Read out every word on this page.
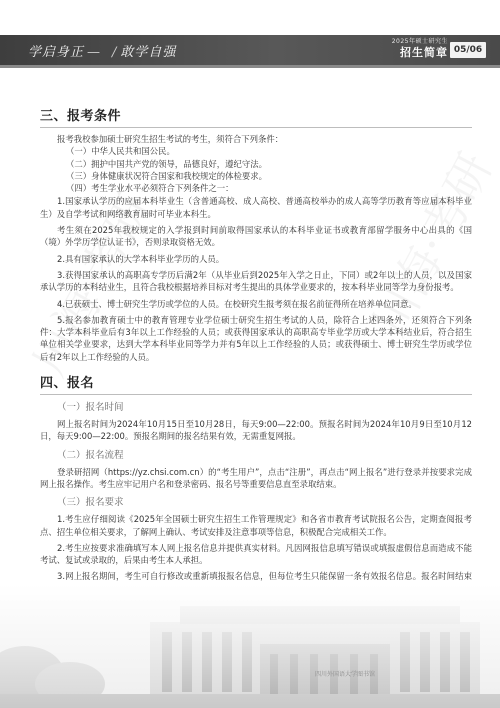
学启身正 — / 敢学自强
2025年硕士研究生
招生简章 05/06
三、报考条件
报考我校参加硕士研究生招生考试的考生，须符合下列条件：
（一）中华人民共和国公民。
（二）拥护中国共产党的领导，品德良好，遵纪守法。
（三）身体健康状况符合国家和我校规定的体检要求。
（四）考生学业水平必须符合下列条件之一：
1.国家承认学历的应届本科毕业生（含普通高校、成人高校、普通高校举办的成人高等学历教育等应届本科毕业生）及自学考试和网络教育届时可毕业本科生。
考生须在2025年我校规定的入学报到时间前取得国家承认的本科毕业证书或教育部留学服务中心出具的《国（境）外学历学位认证书》，否则录取资格无效。
2.具有国家承认的大学本科毕业学历的人员。
3.获得国家承认的高职高专学历后满2年（从毕业后到2025年入学之日止，下同）或2年以上的人员，以及国家承认学历的本科结业生，且符合我校根据培养目标对考生提出的具体学业要求的，按本科毕业同等学力身份报考。
4.已获硕士、博士研究生学历或学位的人员。在校研究生报考须在报名前征得所在培养单位同意。
5.报名参加教育硕士中的教育管理专业学位硕士研究生招生考试的人员，除符合上述四条外，还须符合下列条件：大学本科毕业后有3年以上工作经验的人员；或获得国家承认的高职高专毕业学历或大学本科结业后，符合招生单位相关学业要求，达到大学本科毕业同等学力并有5年以上工作经验的人员；或获得硕士、博士研究生学历或学位后有2年以上工作经验的人员。
四、报名
（一）报名时间
网上报名时间为2024年10月15日至10月28日，每天9:00—22:00。预报名时间为2024年10月9日至10月12日，每天9:00—22:00。预报名期间的报名结果有效，无需重复网报。
（二）报名流程
登录研招网（https://yz.chsi.com.cn）的“考生用户”，点击“注册”，再点击“网上报名”进行登录并按要求完成网上报名操作。考生应牢记用户名和登录密码、报名号等重要信息直至录取结束。
（三）报名要求
1.考生应仔细阅读《2025年全国硕士研究生招生工作管理规定》和各省市教育考试院报名公告，定期查阅报考点、招生单位相关要求，了解网上确认、考试安排及注意事项等信息，积极配合完成相关工作。
2.考生应按要求准确填写本人网上报名信息并提供真实材料。凡因网报信息填写错误或填报虚假信息而造成不能考试、复试或录取的，后果由考生本人承担。
3.网上报名期间，考生可自行修改或重新填报报名信息，但每位考生只能保留一条有效报名信息。报名时间结束
四川外国语大学图书馆
